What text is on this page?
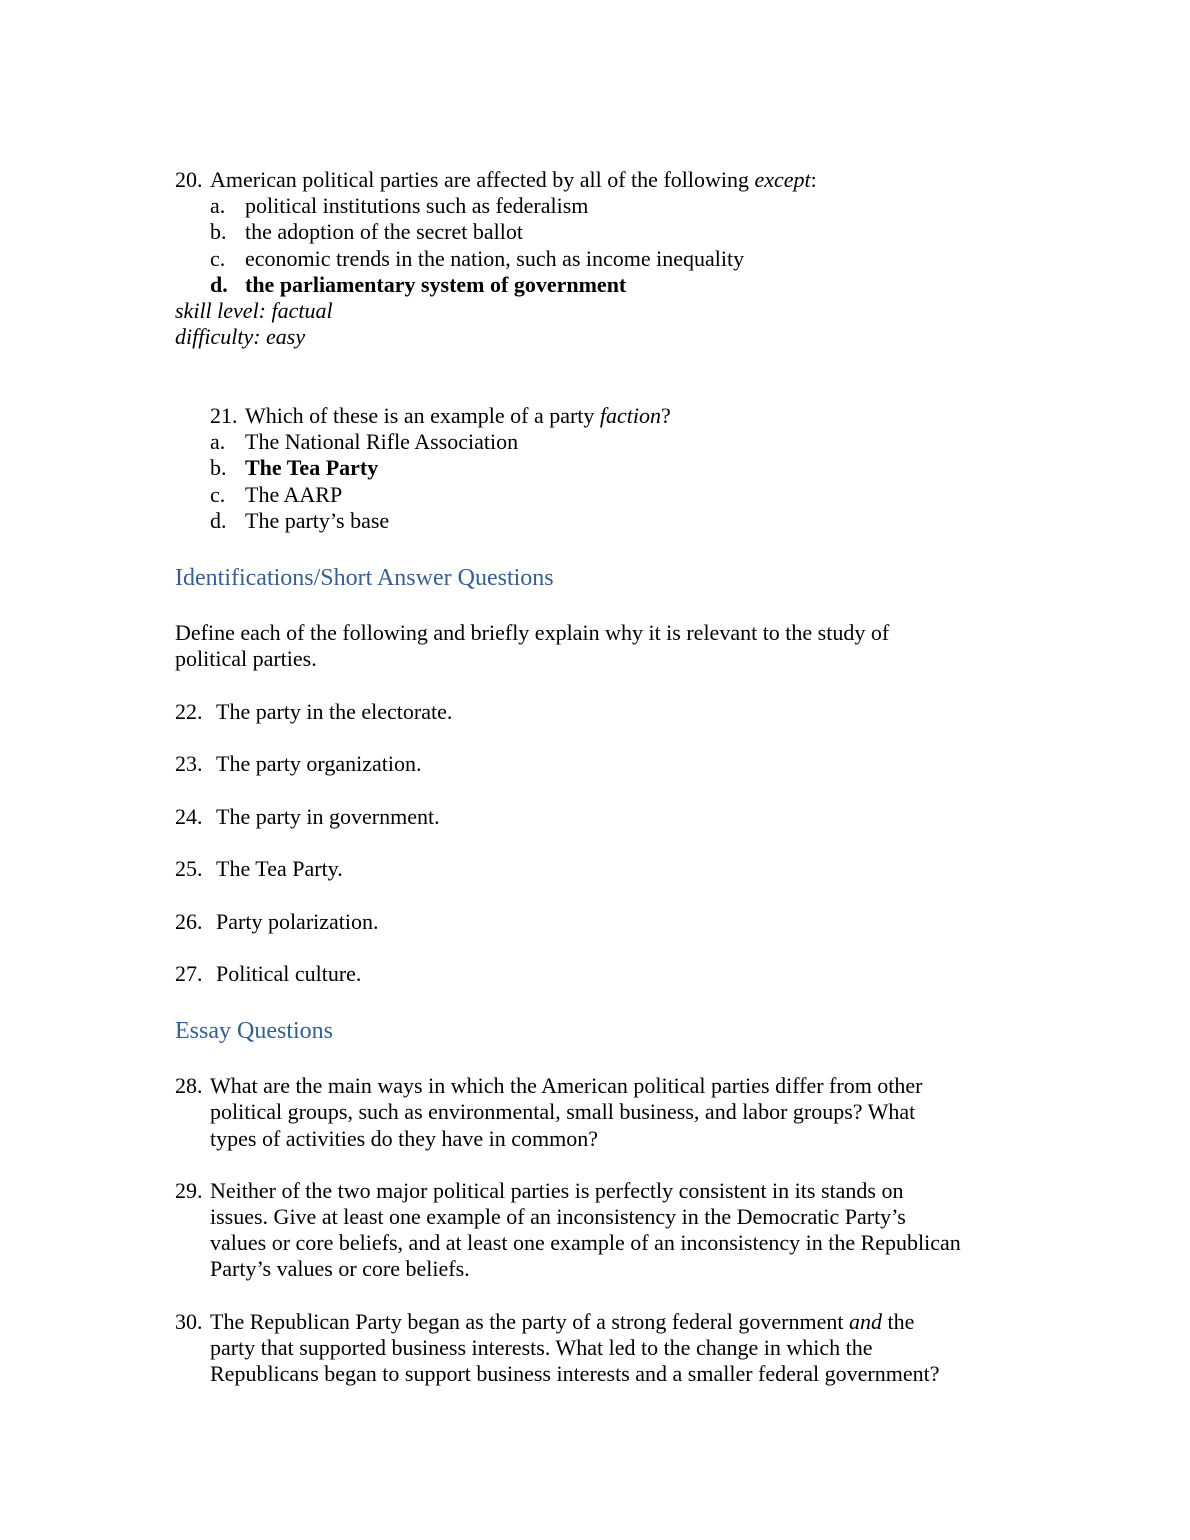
20. American political parties are affected by all of the following except:
a. political institutions such as federalism
b. the adoption of the secret ballot
c. economic trends in the nation, such as income inequality
d. the parliamentary system of government
skill level: factual
difficulty: easy
21. Which of these is an example of a party faction?
a. The National Rifle Association
b. The Tea Party
c. The AARP
d. The party’s base
Identifications/Short Answer Questions
Define each of the following and briefly explain why it is relevant to the study of
political parties.
22. The party in the electorate.
23. The party organization.
24. The party in government.
25. The Tea Party.
26. Party polarization.
27. Political culture.
Essay Questions
28. What are the main ways in which the American political parties differ from other
political groups, such as environmental, small business, and labor groups? What
types of activities do they have in common?
29. Neither of the two major political parties is perfectly consistent in its stands on
issues. Give at least one example of an inconsistency in the Democratic Party’s
values or core beliefs, and at least one example of an inconsistency in the Republican
Party’s values or core beliefs.
30. The Republican Party began as the party of a strong federal government and the
party that supported business interests. What led to the change in which the
Republicans began to support business interests and a smaller federal government?
